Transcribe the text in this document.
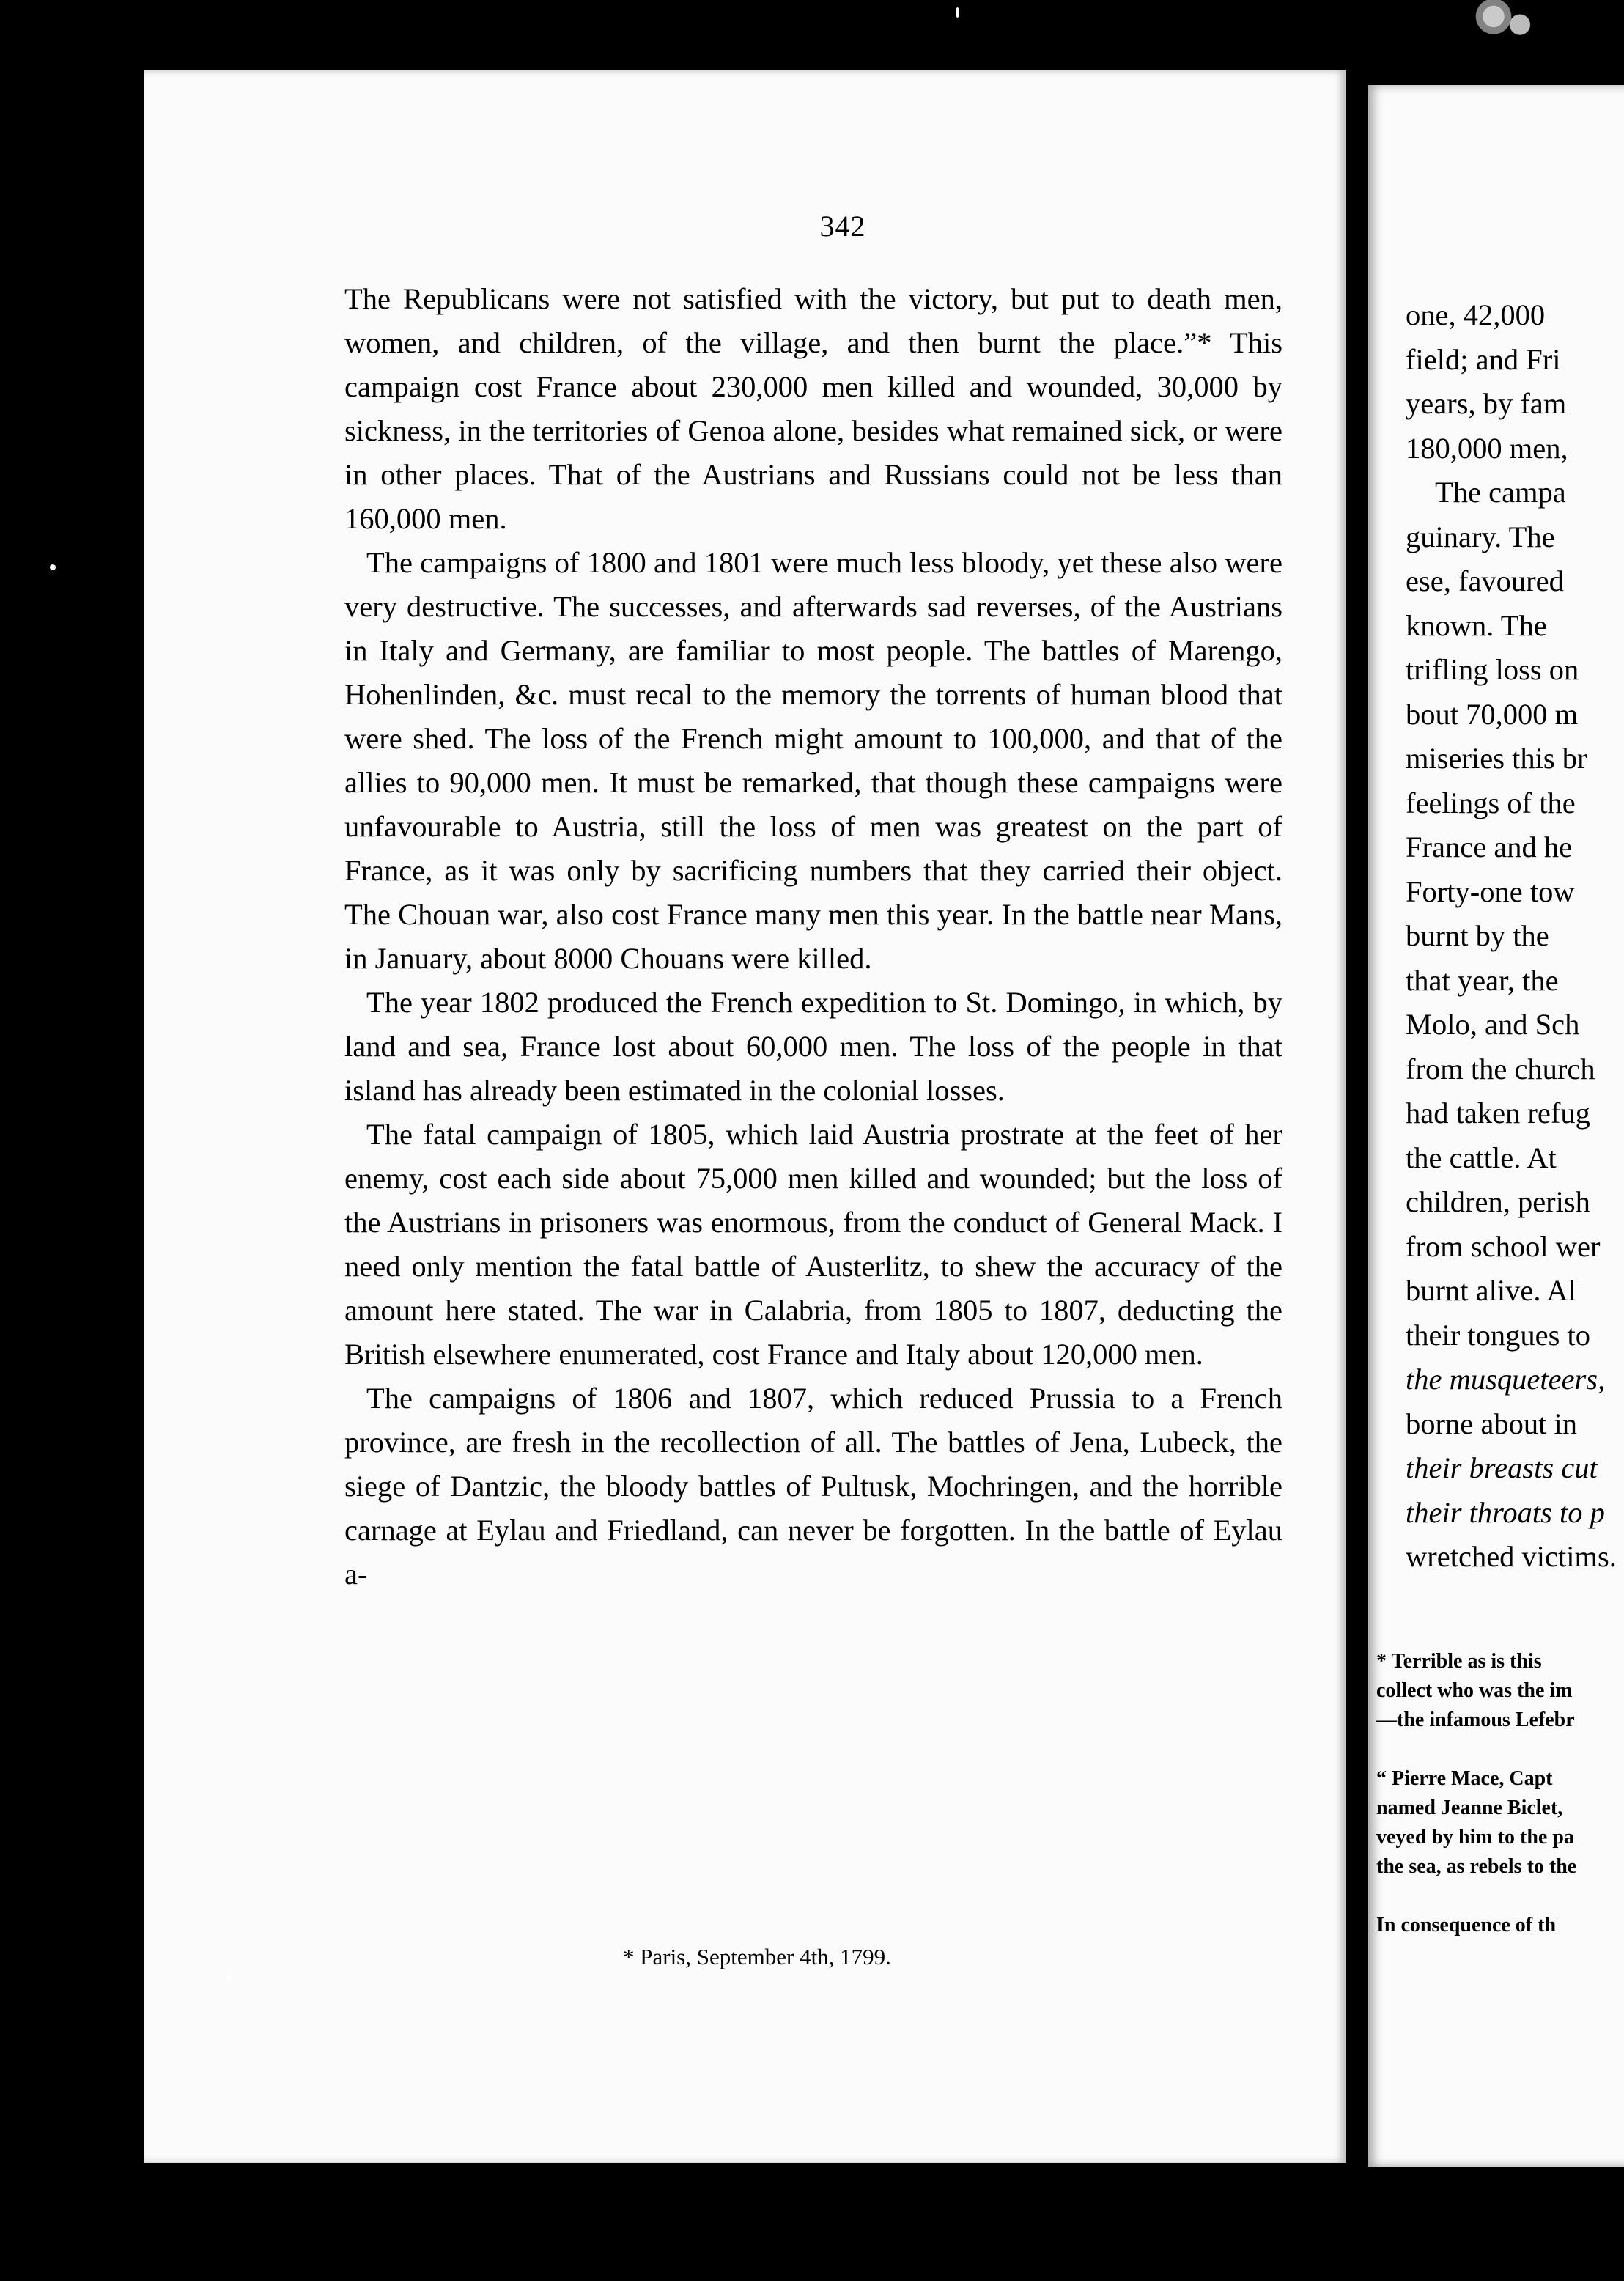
342

The Republicans were not satisfied with the victory, but put to death men, women, and children, of the village, and then burnt the place.”* This campaign cost France about 230,000 men killed and wounded, 30,000 by sickness, in the territories of Genoa alone, besides what remained sick, or were in other places. That of the Austrians and Russians could not be less than 160,000 men.

The campaigns of 1800 and 1801 were much less bloody, yet these also were very destructive. The successes, and afterwards sad reverses, of the Austrians in Italy and Germany, are familiar to most people. The battles of Marengo, Hohenlinden, &c. must recal to the memory the torrents of human blood that were shed. The loss of the French might amount to 100,000, and that of the allies to 90,000 men. It must be remarked, that though these campaigns were unfavourable to Austria, still the loss of men was greatest on the part of France, as it was only by sacrificing numbers that they carried their object. The Chouan war, also cost France many men this year. In the battle near Mans, in January, about 8000 Chouans were killed.

The year 1802 produced the French expedition to St. Domingo, in which, by land and sea, France lost about 60,000 men. The loss of the people in that island has already been estimated in the colonial losses.

The fatal campaign of 1805, which laid Austria prostrate at the feet of her enemy, cost each side about 75,000 men killed and wounded; but the loss of the Austrians in prisoners was enormous, from the conduct of General Mack. I need only mention the fatal battle of Austerlitz, to shew the accuracy of the amount here stated. The war in Calabria, from 1805 to 1807, deducting the British elsewhere enumerated, cost France and Italy about 120,000 men.

The campaigns of 1806 and 1807, which reduced Prussia to a French province, are fresh in the recollection of all. The battles of Jena, Lubeck, the siege of Dantzic, the bloody battles of Pultusk, Mochringen, and the horrible carnage at Eylau and Friedland, can never be forgotten. In the battle of Eylau a-

* Paris, September 4th, 1799.
one, 42,000
field; and Fri
years, by fam
180,000 men,
The campa
guinary. The
ese, favoured
known. The
trifling loss on
bout 70,000 m
miseries this br
feelings of the
France and he
Forty-one tow
burnt by the
that year, the
Molo, and Sch
from the church
had taken refug
the cattle. At
children, perish
from school wer
burnt alive. Al
their tongues to
the musqueteers,
borne about in
their breasts cut
their throats to p
wretched victims.
* Terrible as is this
collect who was the im
—the infamous Lefebr
“ Pierre Mace, Capt
named Jeanne Biclet,
veyed by him to the pa
the sea, as rebels to the
In consequence of th
